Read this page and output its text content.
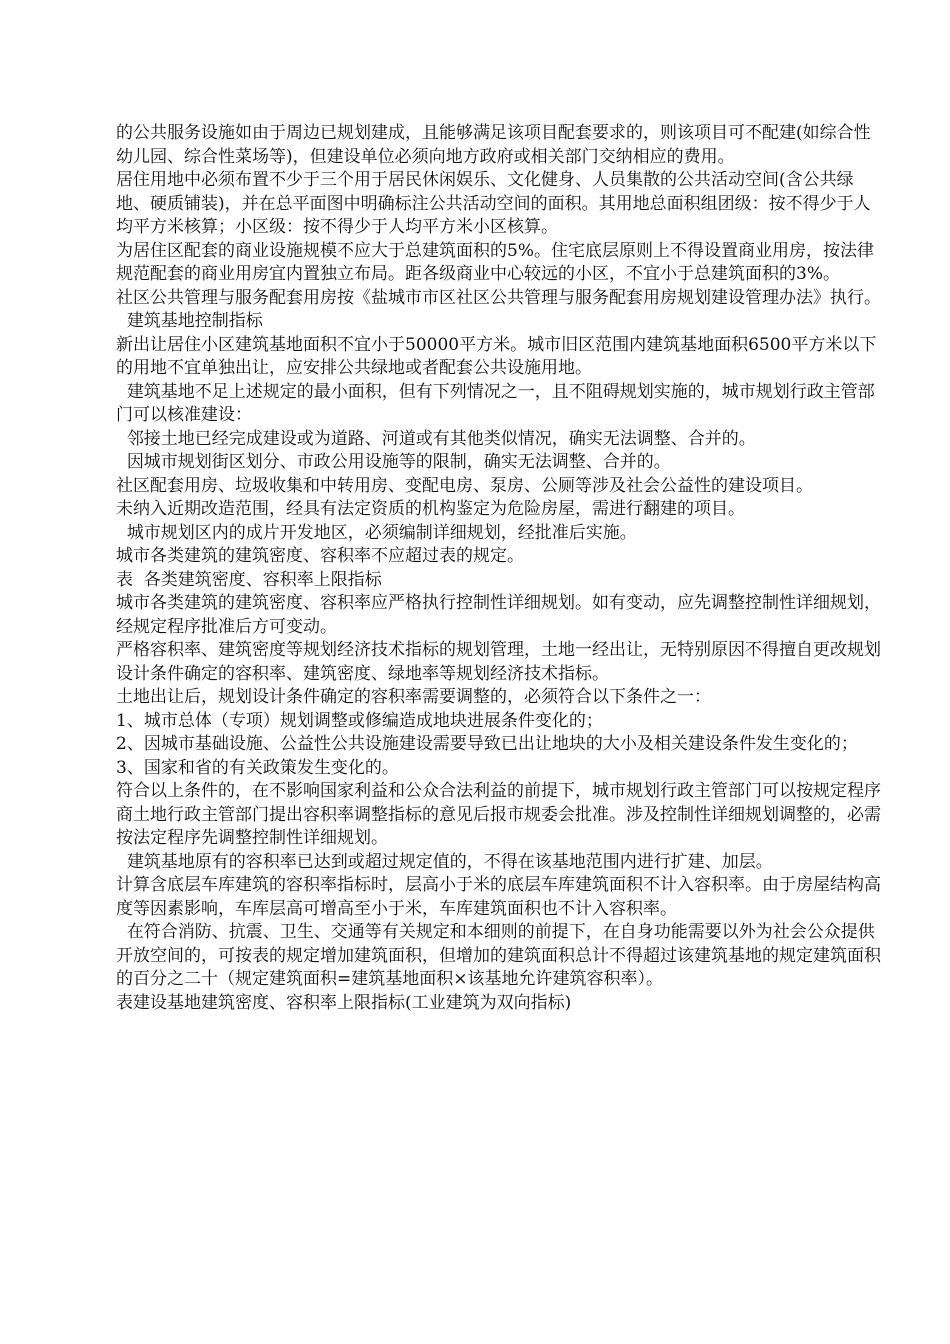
的公共服务设施如由于周边已规划建成，且能够满足该项目配套要求的，则该项目可不配建(如综合性幼儿园、综合性菜场等)，但建设单位必须向地方政府或相关部门交纳相应的费用。

居住用地中必须布置不少于三个用于居民休闲娱乐、文化健身、人员集散的公共活动空间(含公共绿地、硬质铺装)，并在总平面图中明确标注公共活动空间的面积。其用地总面积组团级：按不得少于人均平方米核算；小区级：按不得少于人均平方米小区核算。

为居住区配套的商业设施规模不应大于总建筑面积的5%。住宅底层原则上不得设置商业用房，按法律规范配套的商业用房宜内置独立布局。距各级商业中心较远的小区，不宜小于总建筑面积的3%。

社区公共管理与服务配套用房按《盐城市市区社区公共管理与服务配套用房规划建设管理办法》执行。

建筑基地控制指标

新出让居住小区建筑基地面积不宜小于50000平方米。城市旧区范围内建筑基地面积6500平方米以下的用地不宜单独出让，应安排公共绿地或者配套公共设施用地。

建筑基地不足上述规定的最小面积，但有下列情况之一，且不阻碍规划实施的，城市规划行政主管部门可以核准建设：

邻接土地已经完成建设或为道路、河道或有其他类似情况，确实无法调整、合并的。

因城市规划街区划分、市政公用设施等的限制，确实无法调整、合并的。

社区配套用房、垃圾收集和中转用房、变配电房、泵房、公厕等涉及社会公益性的建设项目。

未纳入近期改造范围，经具有法定资质的机构鉴定为危险房屋，需进行翻建的项目。

城市规划区内的成片开发地区，必须编制详细规划，经批准后实施。

城市各类建筑的建筑密度、容积率不应超过表的规定。

表  各类建筑密度、容积率上限指标

城市各类建筑的建筑密度、容积率应严格执行控制性详细规划。如有变动，应先调整控制性详细规划，经规定程序批准后方可变动。

严格容积率、建筑密度等规划经济技术指标的规划管理，土地一经出让，无特别原因不得擅自更改规划设计条件确定的容积率、建筑密度、绿地率等规划经济技术指标。

土地出让后，规划设计条件确定的容积率需要调整的，必须符合以下条件之一：

1、城市总体（专项）规划调整或修编造成地块进展条件变化的；

2、因城市基础设施、公益性公共设施建设需要导致已出让地块的大小及相关建设条件发生变化的；

3、国家和省的有关政策发生变化的。

符合以上条件的，在不影响国家利益和公众合法利益的前提下，城市规划行政主管部门可以按规定程序商土地行政主管部门提出容积率调整指标的意见后报市规委会批准。涉及控制性详细规划调整的，必需按法定程序先调整控制性详细规划。

建筑基地原有的容积率已达到或超过规定值的，不得在该基地范围内进行扩建、加层。

计算含底层车库建筑的容积率指标时，层高小于米的底层车库建筑面积不计入容积率。由于房屋结构高度等因素影响，车库层高可增高至小于米，车库建筑面积也不计入容积率。

在符合消防、抗震、卫生、交通等有关规定和本细则的前提下，在自身功能需要以外为社会公众提供开放空间的，可按表的规定增加建筑面积，但增加的建筑面积总计不得超过该建筑基地的规定建筑面积的百分之二十（规定建筑面积=建筑基地面积×该基地允许建筑容积率）。

表建设基地建筑密度、容积率上限指标(工业建筑为双向指标)
